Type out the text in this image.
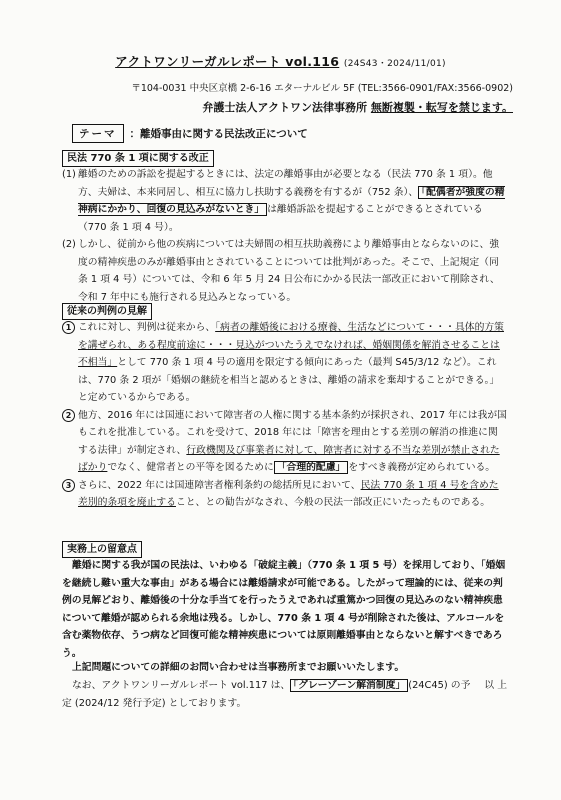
アクトワンリーガルレポート vol.116 (24S43・2024/11/01)
〒104-0031 中央区京橋 2-6-16 エターナルビル 5F (TEL:3566-0901/FAX:3566-0902)
弁護士法人アクトワン法律事務所 無断複製・転写を禁じます。
テーマ	：離婚事由に関する民法改正について
民法 770 条 1 項に関する改正
(1) 離婚のための訴訟を提起するときには、法定の離婚事由が必要となる（民法 770 条 1 項）。他方、夫婦は、本来同居し、相互に協力し扶助する義務を有するが（752 条）、 「配偶者が強度の精神病にかかり、回復の見込みがないとき」 は離婚訴訟を提起することができるとされている（770 条 1 項 4 号）。
(2) しかし、従前から他の疾病については夫婦間の相互扶助義務により離婚事由とならないのに、強度の精神疾患のみが離婚事由とされていることについては批判があった。そこで、上記規定（同条 1 項 4 号）については、令和 6 年 5 月 24 日公布にかかる民法一部改正において削除され、令和 7 年中にも施行される見込みとなっている。
従来の判例の見解
1 これに対し、判例は従来から、「病者の離婚後における療養、生活などについて・・・具体的方策を講ぜられ、ある程度前途に・・・見込がついたうえでなければ、婚姻関係を解消させることは不相当」として 770 条 1 項 4 号の適用を限定する傾向にあった（最判 S45/3/12 など）。これは、770 条 2 項が「婚姻の継続を相当と認めるときは、離婚の請求を棄却することができる。」と定めているからである。
2 他方、2016 年には国連において障害者の人権に関する基本条約が採択され、2017 年には我が国もこれを批准している。これを受けて、2018 年には「障害を理由とする差別の解消の推進に関する法律」が制定され、行政機関及び事業者に対して、障害者に対する不当な差別が禁止されたばかりでなく、健常者との平等を図るために 「合理的配慮」 をすべき義務が定められている。
3 さらに、2022 年には国連障害者権利条約の総括所見において、民法 770 条 1 項 4 号を含めた差別的条項を廃止すること、との勧告がなされ、今般の民法一部改正にいたったものである。
実務上の留意点
離婚に関する我が国の民法は、いわゆる「破綻主義」（770 条 1 項 5 号）を採用しており、「婚姻を継続し難い重大な事由」がある場合には離婚請求が可能である。したがって理論的には、従来の判例の見解どおり、離婚後の十分な手当てを行ったうえであれば重篤かつ回復の見込みのない精神疾患について離婚が認められる余地は残る。しかし、770 条 1 項 4 号が削除された後は、アルコールを含む薬物依存、うつ病など回復可能な精神疾患については原則離婚事由とならないと解すべきであろう。
上記問題についての詳細のお問い合わせは当事務所までお願いいたします。
なお、アクトワンリーガルレポート vol.117 は、 「グレーゾーン解消制度」 (24C45) の予定 (2024/12 発行予定) としております。
以 上
